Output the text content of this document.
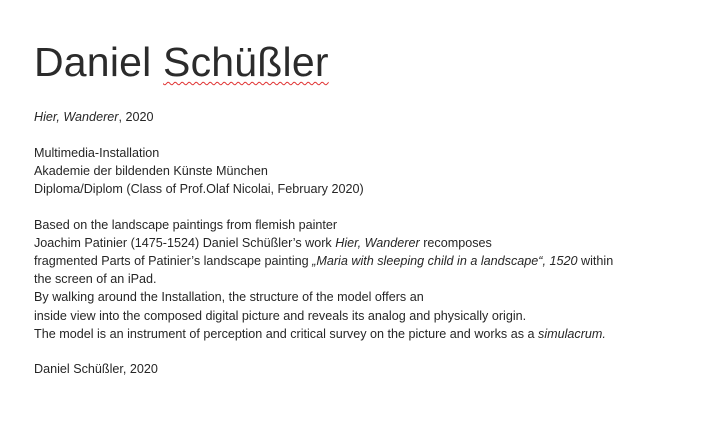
Daniel Schüßler
Hier, Wanderer, 2020
Multimedia-Installation
Akademie der bildenden Künste München
Diploma/Diplom (Class of Prof.Olaf Nicolai, February 2020)
Based on the landscape paintings from flemish painter
Joachim Patinier (1475-1524) Daniel Schüßler’s work Hier, Wanderer recomposes
fragmented Parts of Patinier’s landscape painting „Maria with sleeping child in a landscape“, 1520 within
the screen of an iPad.
By walking around the Installation, the structure of the model offers an
inside view into the composed digital picture and reveals its analog and physically origin.
The model is an instrument of perception and critical survey on the picture and works as a simulacrum.
Daniel Schüßler, 2020
